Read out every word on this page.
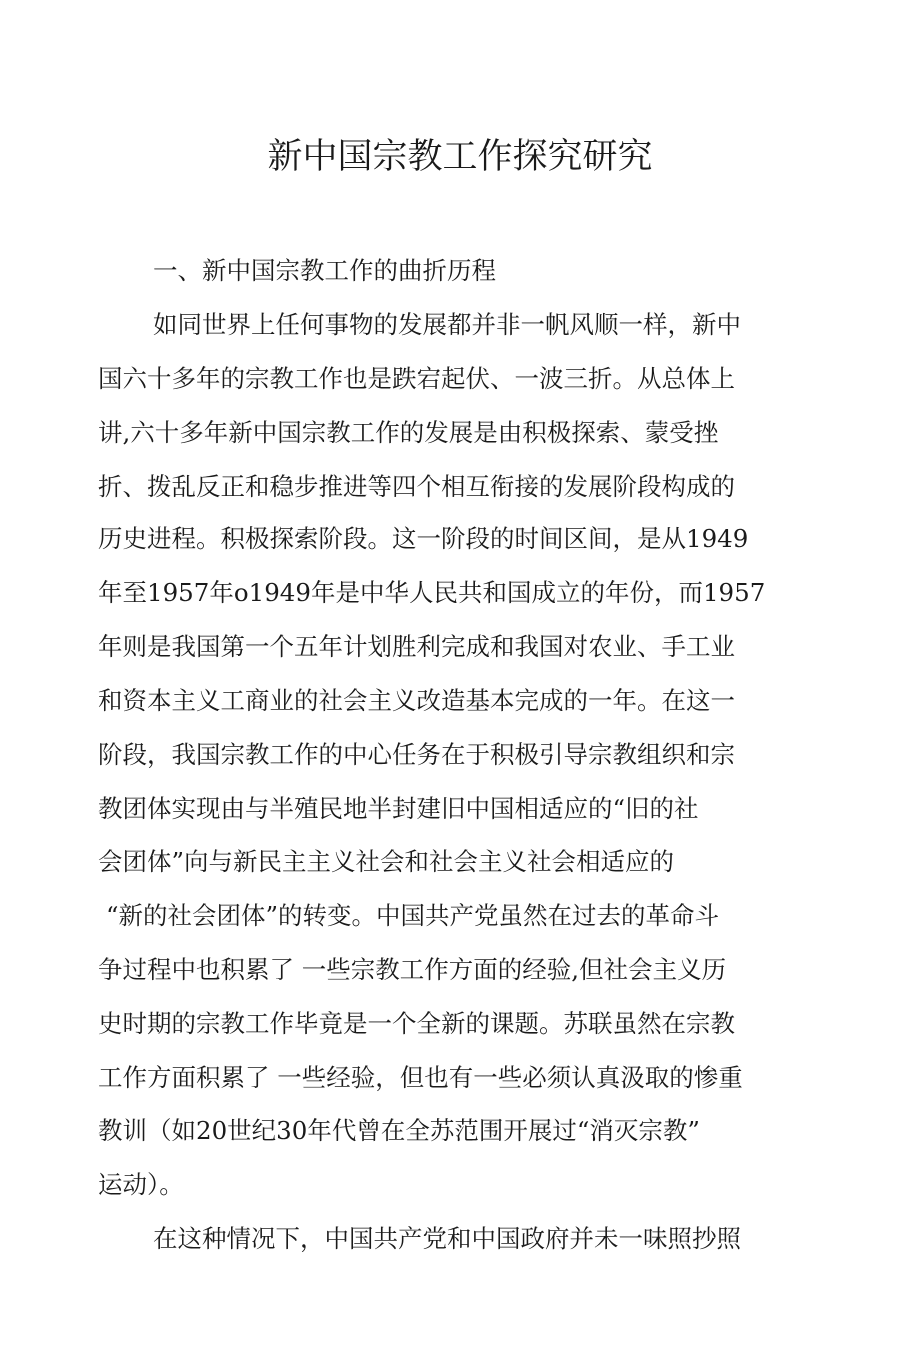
新中国宗教工作探究研究
一、新中国宗教工作的曲折历程
如同世界上任何事物的发展都并非一帆风顺一样，新中
国六十多年的宗教工作也是跌宕起伏、一波三折。从总体上
讲,六十多年新中国宗教工作的发展是由积极探索、蒙受挫
折、拨乱反正和稳步推进等四个相互衔接的发展阶段构成的
历史进程。积极探索阶段。这一阶段的时间区间，是从1949
年至1957年o1949年是中华人民共和国成立的年份，而1957
年则是我国第一个五年计划胜利完成和我国对农业、手工业
和资本主义工商业的社会主义改造基本完成的一年。在这一
阶段，我国宗教工作的中心任务在于积极引导宗教组织和宗
教团体实现由与半殖民地半封建旧中国相适应的“旧的社
会团体”向与新民主主义社会和社会主义社会相适应的
“新的社会团体”的转变。中国共产党虽然在过去的革命斗
争过程中也积累了 一些宗教工作方面的经验,但社会主义历
史时期的宗教工作毕竟是一个全新的课题。苏联虽然在宗教
工作方面积累了 一些经验，但也有一些必须认真汲取的惨重
教训（如20世纪30年代曾在全苏范围开展过“消灭宗教”
运动）。
在这种情况下，中国共产党和中国政府并未一味照抄照
